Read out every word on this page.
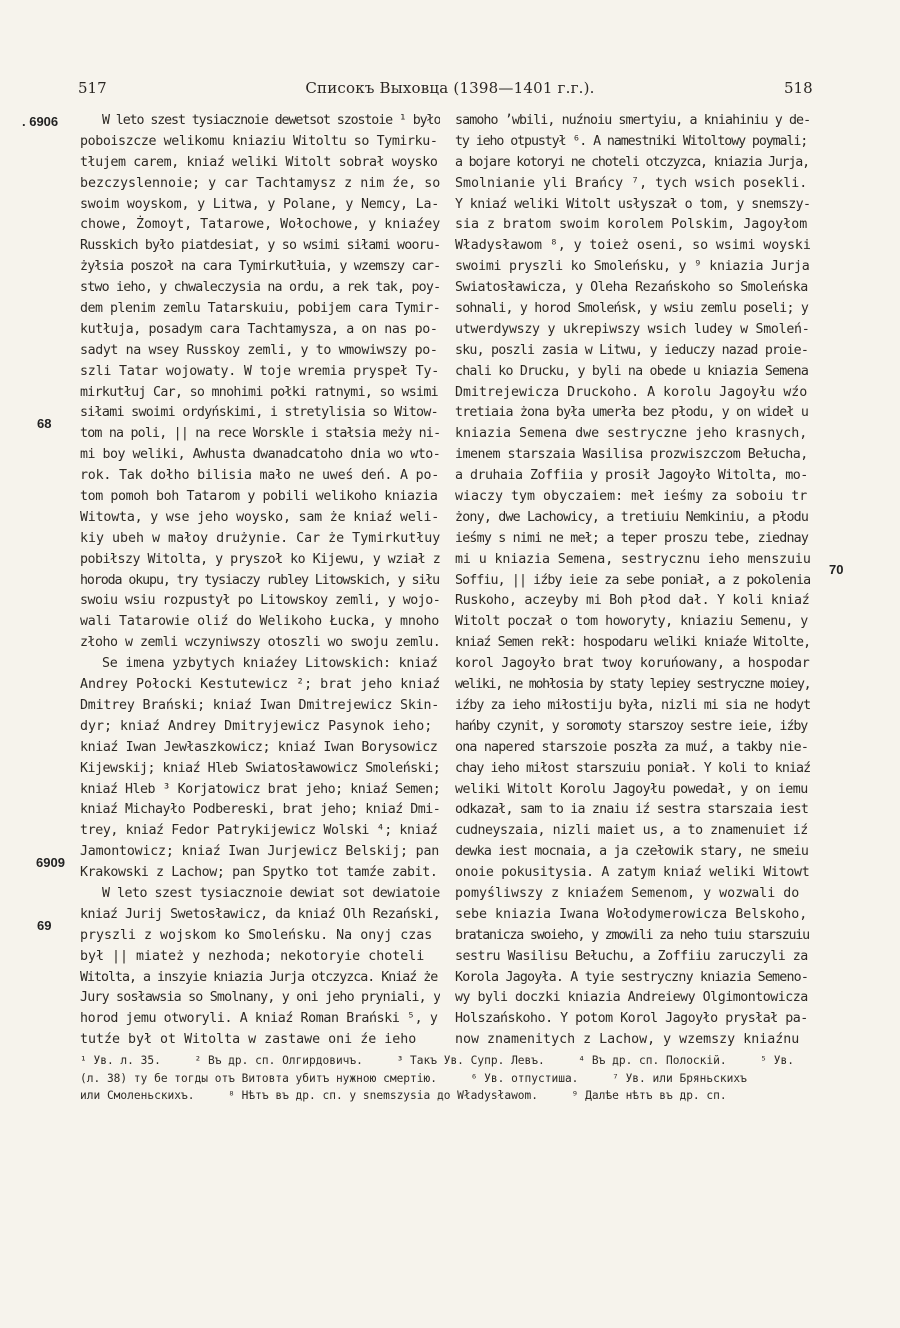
517	Списокъ Выховца (1398—1401 г.г.).	518
. 6906
68
6909
69
70
W leto szest tysiacznoie dewetsot szostoie ¹ było
poboiszcze welikomu kniaziu Witoltu so Tymirku-
tłujem carem, kniaź weliki Witolt sobrał woysko
bezczyslennoie; y car Tachtamysz z nim źe, so
swoim woyskom, y Litwa, y Polane, y Nemcy, La-
chowe, Żomoyt, Tatarowe, Wołochowe, y kniaźey
Russkich było piatdesiat, y so wsimi siłami wooru-
żyłsia poszoł na cara Tymirkutłuia, y wzemszy car-
stwo ieho, y chwaleczysia na ordu, a rek tak, poy-
dem plenim zemlu Tatarskuiu, pobijem cara Tymir-
kutłuja, posadym cara Tachtamysza, a on nas po-
sadyt na wsey Russkoy zemli, y to wmowiwszy po-
szli Tatar wojowaty. W toje wremia pryspeł Ty-
mirkutłuj Car, so mnohimi połki ratnymi, so wsimi
siłami swoimi ordyńskimi, i stretylisia so Witow-
tom na poli, || na rece Worskle i stałsia meży ni-
mi boy weliki, Awhusta dwanadcatoho dnia wo wto-
rok. Tak dołho bilisia mało ne uweś deń. A po-
tom pomoh boh Tatarom y pobili welikoho kniazia
Witowta, y wse jeho woysko, sam że kniaź weli-
kiy ubeh w małoy drużynie. Car że Tymirkutłuy
pobiłszy Witolta, y pryszoł ko Kijewu, y wział z
horoda okupu, try tysiaczy rubley Litowskich, y siłu
swoiu wsiu rozpustył po Litowskoy zemli, y wojo-
wali Tatarowie oliź do Welikoho Łucka, y mnoho
złoho w zemli wczyniwszy otoszli wo swoju zemlu.
Se imena yzbytych kniaźey Litowskich: kniaź
Andrey Połocki Kestutewicz ²; brat jeho kniaź
Dmitrey Brański; kniaź Iwan Dmitrejewicz Skin-
dyr; kniaź Andrey Dmitryjewicz Pasynok ieho;
kniaź Iwan Jewłaszkowicz; kniaź Iwan Borysowicz
Kijewskij; kniaź Hleb Swiatosławowicz Smoleński;
kniaź Hleb ³ Korjatowicz brat jeho; kniaź Semen;
kniaź Michayło Podbereski, brat jeho; kniaź Dmi-
trey, kniaź Fedor Patrykijewicz Wolski ⁴; kniaź
Jamontowicz; kniaź Iwan Jurjewicz Belskij; pan
Krakowski z Lachow; pan Spytko tot tamźe zabit.
W leto szest tysiacznoie dewiat sot dewiatoie
kniaź Jurij Swetosławicz, da kniaź Olh Rezański,
pryszli z wojskom ko Smoleńsku. Na onyj czas
był || miateż y nezhoda; nekotoryie choteli
Witolta, a inszyie kniazia Jurja otczyzca. Kniaź że
Jury sosławsia so Smolnany, y oni jeho pryniali, y
horod jemu otworyli. A kniaź Roman Brański ⁵, y
tutźe był ot Witolta w zastawe oni źe ieho
samoho ʼwbili, nuźnoiu smertyiu, a kniahiniu y de-
ty ieho otpustył ⁶. A namestniki Witoltowy poymali;
a bojare kotoryi ne choteli otczyzca, kniazia Jurja,
Smolnianie yli Brańcy ⁷, tych wsich posekli.
Y kniaź weliki Witolt usłyszał o tom, y snemszy-
sia z bratom swoim korolem Polskim, Jagoyłom
Władysławom ⁸, y toież oseni, so wsimi woyski
swoimi pryszli ko Smoleńsku, y ⁹ kniazia Jurja
Swiatosławicza, y Oleha Rezańskoho so Smoleńska
sohnali, y horod Smoleńsk, y wsiu zemlu poseli; y
utwerdywszy y ukrepiwszy wsich ludey w Smoleń-
sku, poszli zasia w Litwu, y ieduczy nazad proie-
chali ko Drucku, y byli na obede u kniazia Semena
Dmitrejewicza Druckoho. A korolu Jagoyłu wźo
tretiaia żona była umerła bez płodu, y on wideł u
kniazia Semena dwe sestryczne jeho krasnych,
imenem starszaia Wasilisa prozwiszczom Bełucha,
a druhaia Zoffiia y prosił Jagoyło Witolta, mo-
wiaczy tym obyczaiem: meł ieśmy za soboiu tr
żony, dwe Lachowicy, a tretiuiu Nemkiniu, a płodu
ieśmy s nimi ne meł; a teper proszu tebe, ziednay
mi u kniazia Semena, sestrycznu ieho menszuiu
Soffiu, || iźby ieie za sebe poniał, a z pokolenia
Ruskoho, aczeyby mi Boh płod dał. Y koli kniaź
Witolt poczał o tom howoryty, kniaziu Semenu, y
kniaź Semen rekł: hospodaru weliki kniaźe Witolte,
korol Jagoyło brat twoy koruńowany, a hospodar
weliki, ne mohłosia by staty lepiey sestryczne moiey,
iźby za ieho miłostiju była, nizli mi sia ne hodyt
hańby czynit, y soromoty starszoy sestre ieie, iźby
ona napered starszoie poszła za muź, a takby nie-
chay ieho miłost starszuiu poniał. Y koli to kniaź
weliki Witolt Korolu Jagoyłu powedał, y on iemu
odkazał, sam to ia znaiu iź sestra starszaia iest
cudneyszaia, nizli maiet us, a to znamenuiet iź
dewka iest mocnaia, a ja czełowik stary, ne smeiu
onoie pokusitysia. A zatym kniaź weliki Witowt
pomyśliwszy z kniaźem Semenom, y wozwali do
sebe kniazia Iwana Wołodymerowicza Belskoho,
bratanicza swoieho, y zmowili za neho tuiu starszuiu
sestru Wasilisu Bełuchu, a Zoffiiu zaruczyli za
Korola Jagoyła. A tyie sestryczny kniazia Semeno-
wy byli doczki kniazia Andreiewy Olgimontowicza
Holszańskoho. Y potom Korol Jagoyło prysłał pa-
now znamenitych z Lachow, y wzemszy kniaźnu
¹ Ув. л. 35.     ² Въ др. сп. Олгирдовичъ.     ³ Такъ Ув. Супр. Левъ.     ⁴ Въ др. сп. Полоскій.     ⁵ Ув.
(л. 38) ту бе тогды отъ Витовта убитъ нужною смертiю.     ⁶ Ув. отпустиша.     ⁷ Ув. или Бряньскихъ
или Смоленьскихъ.     ⁸ Нѣтъ въ др. сп. у snemszysia до Władysławom.     ⁹ Далѣе нѣтъ въ др. сп.
